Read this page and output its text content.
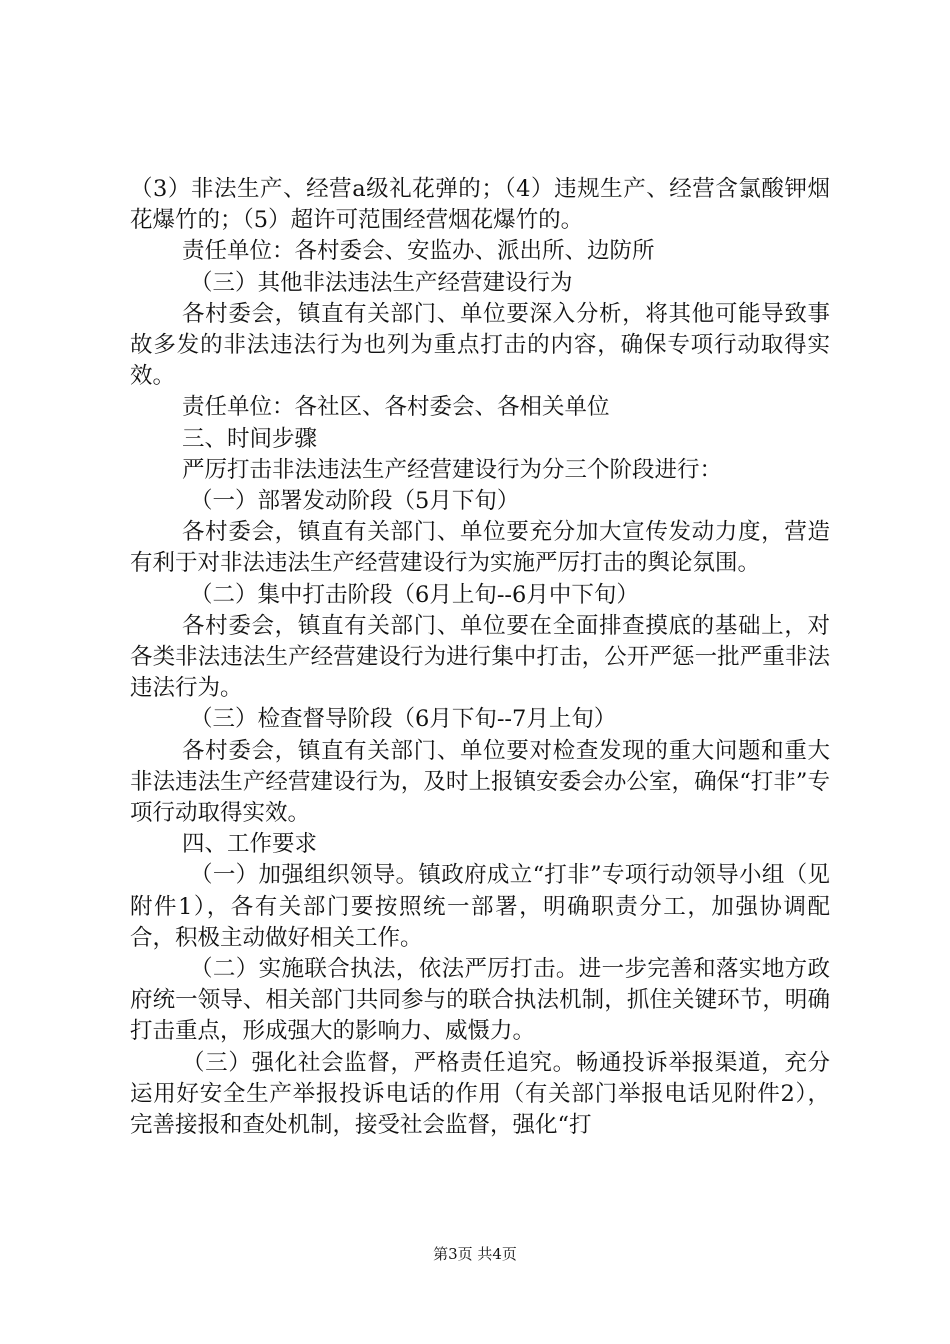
（3）非法生产、经营a级礼花弹的；（4）违规生产、经营含氯酸钾烟花爆竹的；（5）超许可范围经营烟花爆竹的。

责任单位：各村委会、安监办、派出所、边防所

（三）其他非法违法生产经营建设行为

各村委会，镇直有关部门、单位要深入分析，将其他可能导致事故多发的非法违法行为也列为重点打击的内容，确保专项行动取得实效。

责任单位：各社区、各村委会、各相关单位

三、时间步骤

严厉打击非法违法生产经营建设行为分三个阶段进行：

（一）部署发动阶段（5月下旬）

各村委会，镇直有关部门、单位要充分加大宣传发动力度，营造有利于对非法违法生产经营建设行为实施严厉打击的舆论氛围。

（二）集中打击阶段（6月上旬--6月中下旬）

各村委会，镇直有关部门、单位要在全面排查摸底的基础上，对各类非法违法生产经营建设行为进行集中打击，公开严惩一批严重非法违法行为。

（三）检查督导阶段（6月下旬--7月上旬）

各村委会，镇直有关部门、单位要对检查发现的重大问题和重大非法违法生产经营建设行为，及时上报镇安委会办公室，确保“打非”专项行动取得实效。

四、工作要求

（一）加强组织领导。镇政府成立“打非”专项行动领导小组（见附件1），各有关部门要按照统一部署，明确职责分工，加强协调配合，积极主动做好相关工作。

（二）实施联合执法，依法严厉打击。进一步完善和落实地方政府统一领导、相关部门共同参与的联合执法机制，抓住关键环节，明确打击重点，形成强大的影响力、威慑力。

（三）强化社会监督，严格责任追究。畅通投诉举报渠道，充分运用好安全生产举报投诉电话的作用（有关部门举报电话见附件2），完善接报和查处机制，接受社会监督，强化“打

第3页 共4页
